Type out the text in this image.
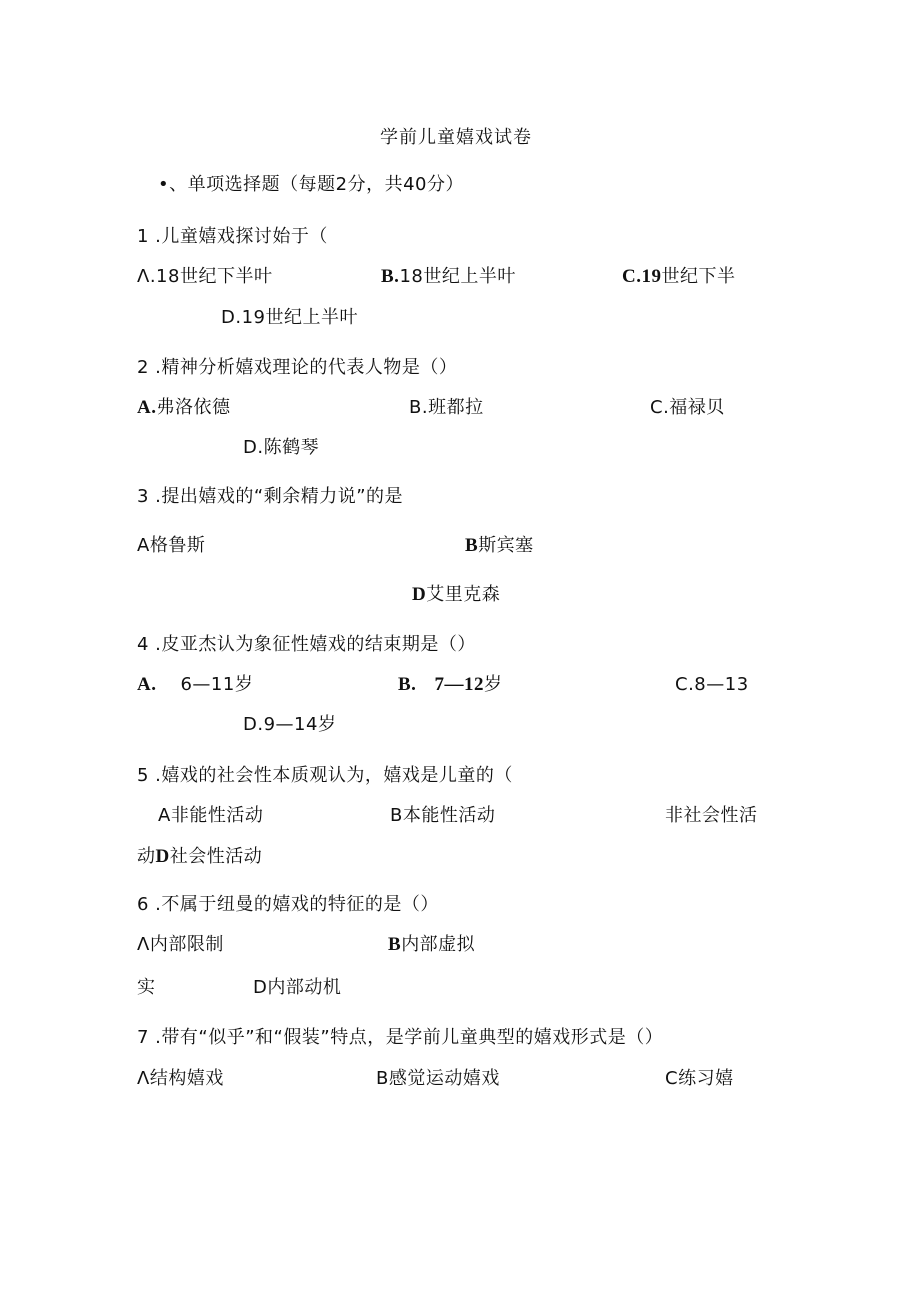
学前儿童嬉戏试卷
•、单项选择题（每题2分，共40分）
1 .儿童嬉戏探讨始于（
Λ.18世纪下半叶	B.18世纪上半叶	C.19世纪下半
D.19世纪上半叶
2 .精神分析嬉戏理论的代表人物是（）
A.弗洛依德	B.班都拉	C.福禄贝
D.陈鹤琴
3 .提出嬉戏的“剩余精力说”的是
A格鲁斯	B斯宾塞
D艾里克森
4 .皮亚杰认为象征性嬉戏的结束期是（）
A. 6—11岁	B. 7—12岁	C.8—13
D.9—14岁
5 .嬉戏的社会性本质观认为，嬉戏是儿童的（
A非能性活动	B本能性活动	非社会性活
动D社会性活动
6 .不属于纽曼的嬉戏的特征的是（）
Λ内部限制	B内部虚拟
实	D内部动机
7 .带有“似乎”和“假装”特点，是学前儿童典型的嬉戏形式是（）
Λ结构嬉戏	B感觉运动嬉戏	C练习嬉
